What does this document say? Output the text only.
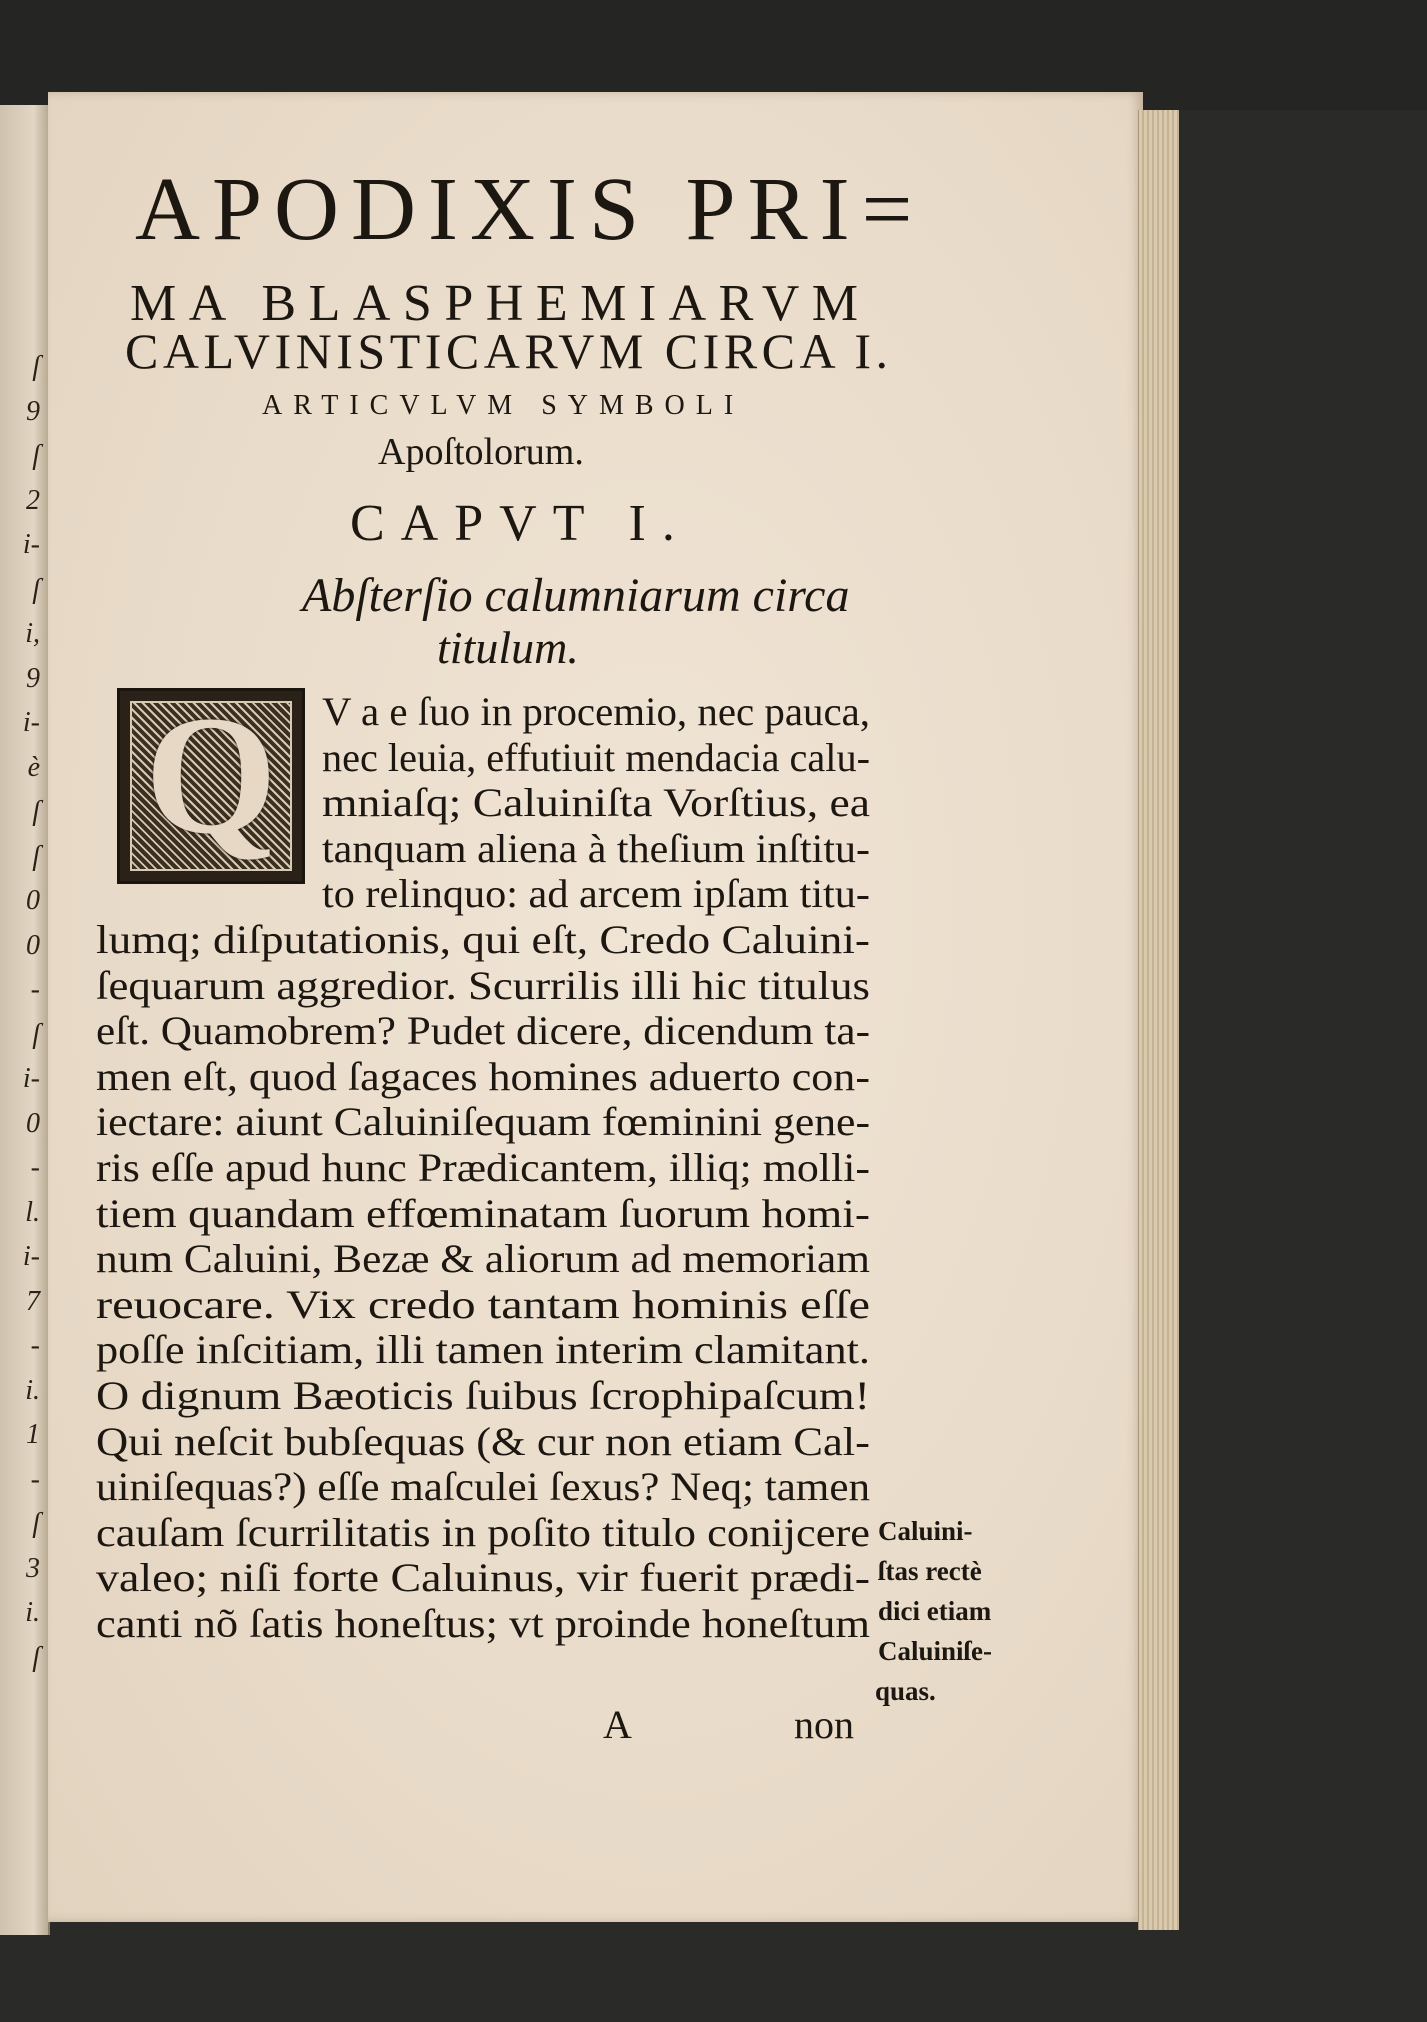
ſ
9
ſ
2
i-
ſ
i,
9
i-
è
ſ
ſ
0
0
-
ſ
i-
0
-
l.
i-
7
-
i.
1
-
ſ
3
i.
ſ
APODIXIS PRI=
MA BLASPHEMIARVM
CALVINISTICARVM CIRCA I.
ARTICVLVM SYMBOLI
Apoſtolorum.
CAPVT I.
Abſterſio calumniarum circa
titulum.
Q	V a e ſuo in procemio, nec pauca,
nec leuia, effutiuit mendacia calu-
mniaſq; Caluiniſta Vorſtius, ea
tanquam aliena à theſium inſtitu-
to relinquo: ad arcem ipſam titu-
lumq; diſputationis, qui eſt, Credo Caluini-
ſequarum aggredior. Scurrilis illi hic titulus
eſt. Quamobrem? Pudet dicere, dicendum ta-
men eſt, quod ſagaces homines aduerto con-
iectare: aiunt Caluiniſequam fœminini gene-
ris eſſe apud hunc Prædicantem, illiq; molli-
tiem quandam effœminatam ſuorum homi-
num Caluini, Bezæ & aliorum ad memoriam
reuocare. Vix credo tantam hominis eſſe
poſſe inſcitiam, illi tamen interim clamitant.
O dignum Bæoticis ſuibus ſcrophipaſcum!
Qui neſcit bubſequas (& cur non etiam Cal-
uiniſequas?) eſſe maſculei ſexus? Neq; tamen
cauſam ſcurrilitatis in poſito titulo conijcere
valeo; niſi forte Caluinus, vir fuerit prædi-
canti nõ ſatis honeſtus; vt proinde honeſtum
Caluini-
ſtas rectè
dici etiam
Caluiniſe-
quas.
A	non
